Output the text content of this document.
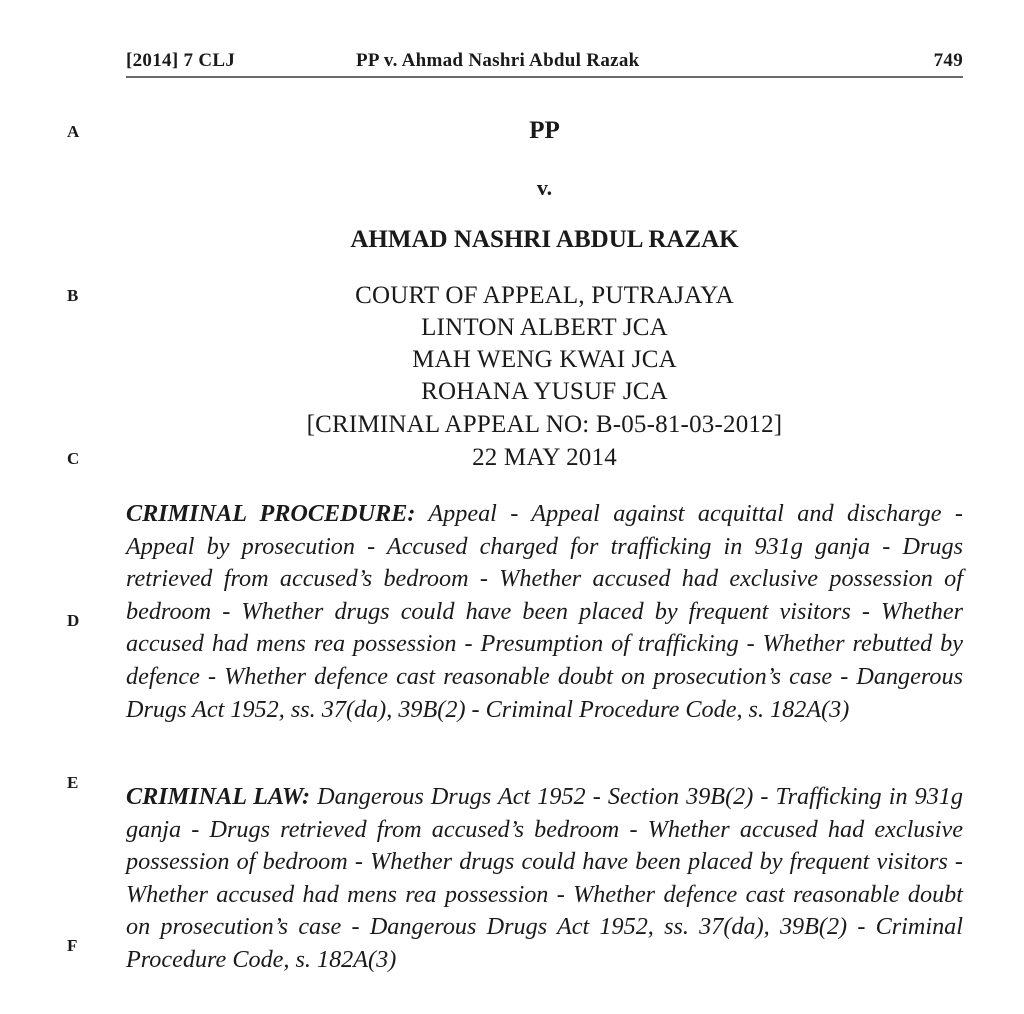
[2014] 7 CLJ	PP v. Ahmad Nashri Abdul Razak	749
A
B
C
D
E
F
PP
v.
AHMAD NASHRI ABDUL RAZAK
COURT OF APPEAL, PUTRAJAYA
LINTON ALBERT JCA
MAH WENG KWAI JCA
ROHANA YUSUF JCA
[CRIMINAL APPEAL NO: B-05-81-03-2012]
22 MAY 2014
CRIMINAL PROCEDURE: Appeal - Appeal against acquittal and discharge - Appeal by prosecution - Accused charged for trafficking in 931g ganja - Drugs retrieved from accused’s bedroom - Whether accused had exclusive possession of bedroom - Whether drugs could have been placed by frequent visitors - Whether accused had mens rea possession - Presumption of trafficking - Whether rebutted by defence - Whether defence cast reasonable doubt on prosecution’s case - Dangerous Drugs Act 1952, ss. 37(da), 39B(2) - Criminal Procedure Code, s. 182A(3)
CRIMINAL LAW: Dangerous Drugs Act 1952 - Section 39B(2) - Trafficking in 931g ganja - Drugs retrieved from accused’s bedroom - Whether accused had exclusive possession of bedroom - Whether drugs could have been placed by frequent visitors - Whether accused had mens rea possession - Whether defence cast reasonable doubt on prosecution’s case - Dangerous Drugs Act 1952, ss. 37(da), 39B(2) - Criminal Procedure Code, s. 182A(3)
